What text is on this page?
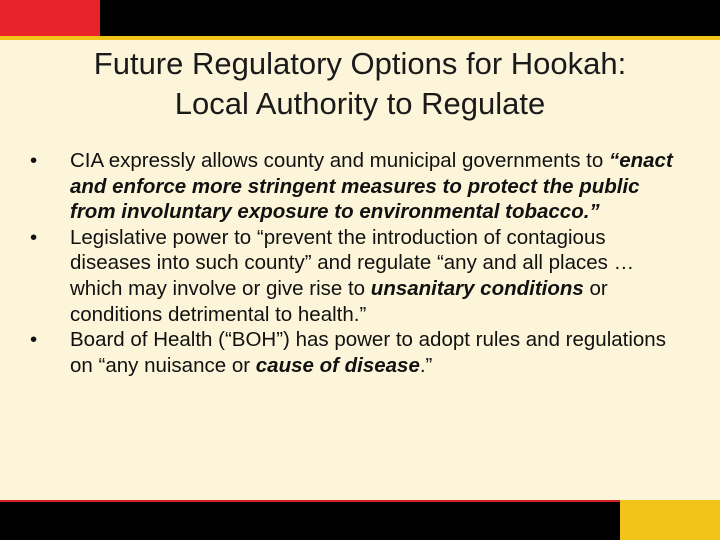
Future Regulatory Options for Hookah:
Local Authority to Regulate
•	CIA expressly allows county and municipal governments to “enact and enforce more stringent measures to protect the public from involuntary exposure to environmental tobacco.”
•	Legislative power to “prevent the introduction of contagious diseases into such county” and regulate “any and all places … which may involve or give rise to unsanitary conditions or conditions detrimental to health.”
•	Board of Health (“BOH”) has power to adopt rules and regulations on “any nuisance or cause of disease.”
